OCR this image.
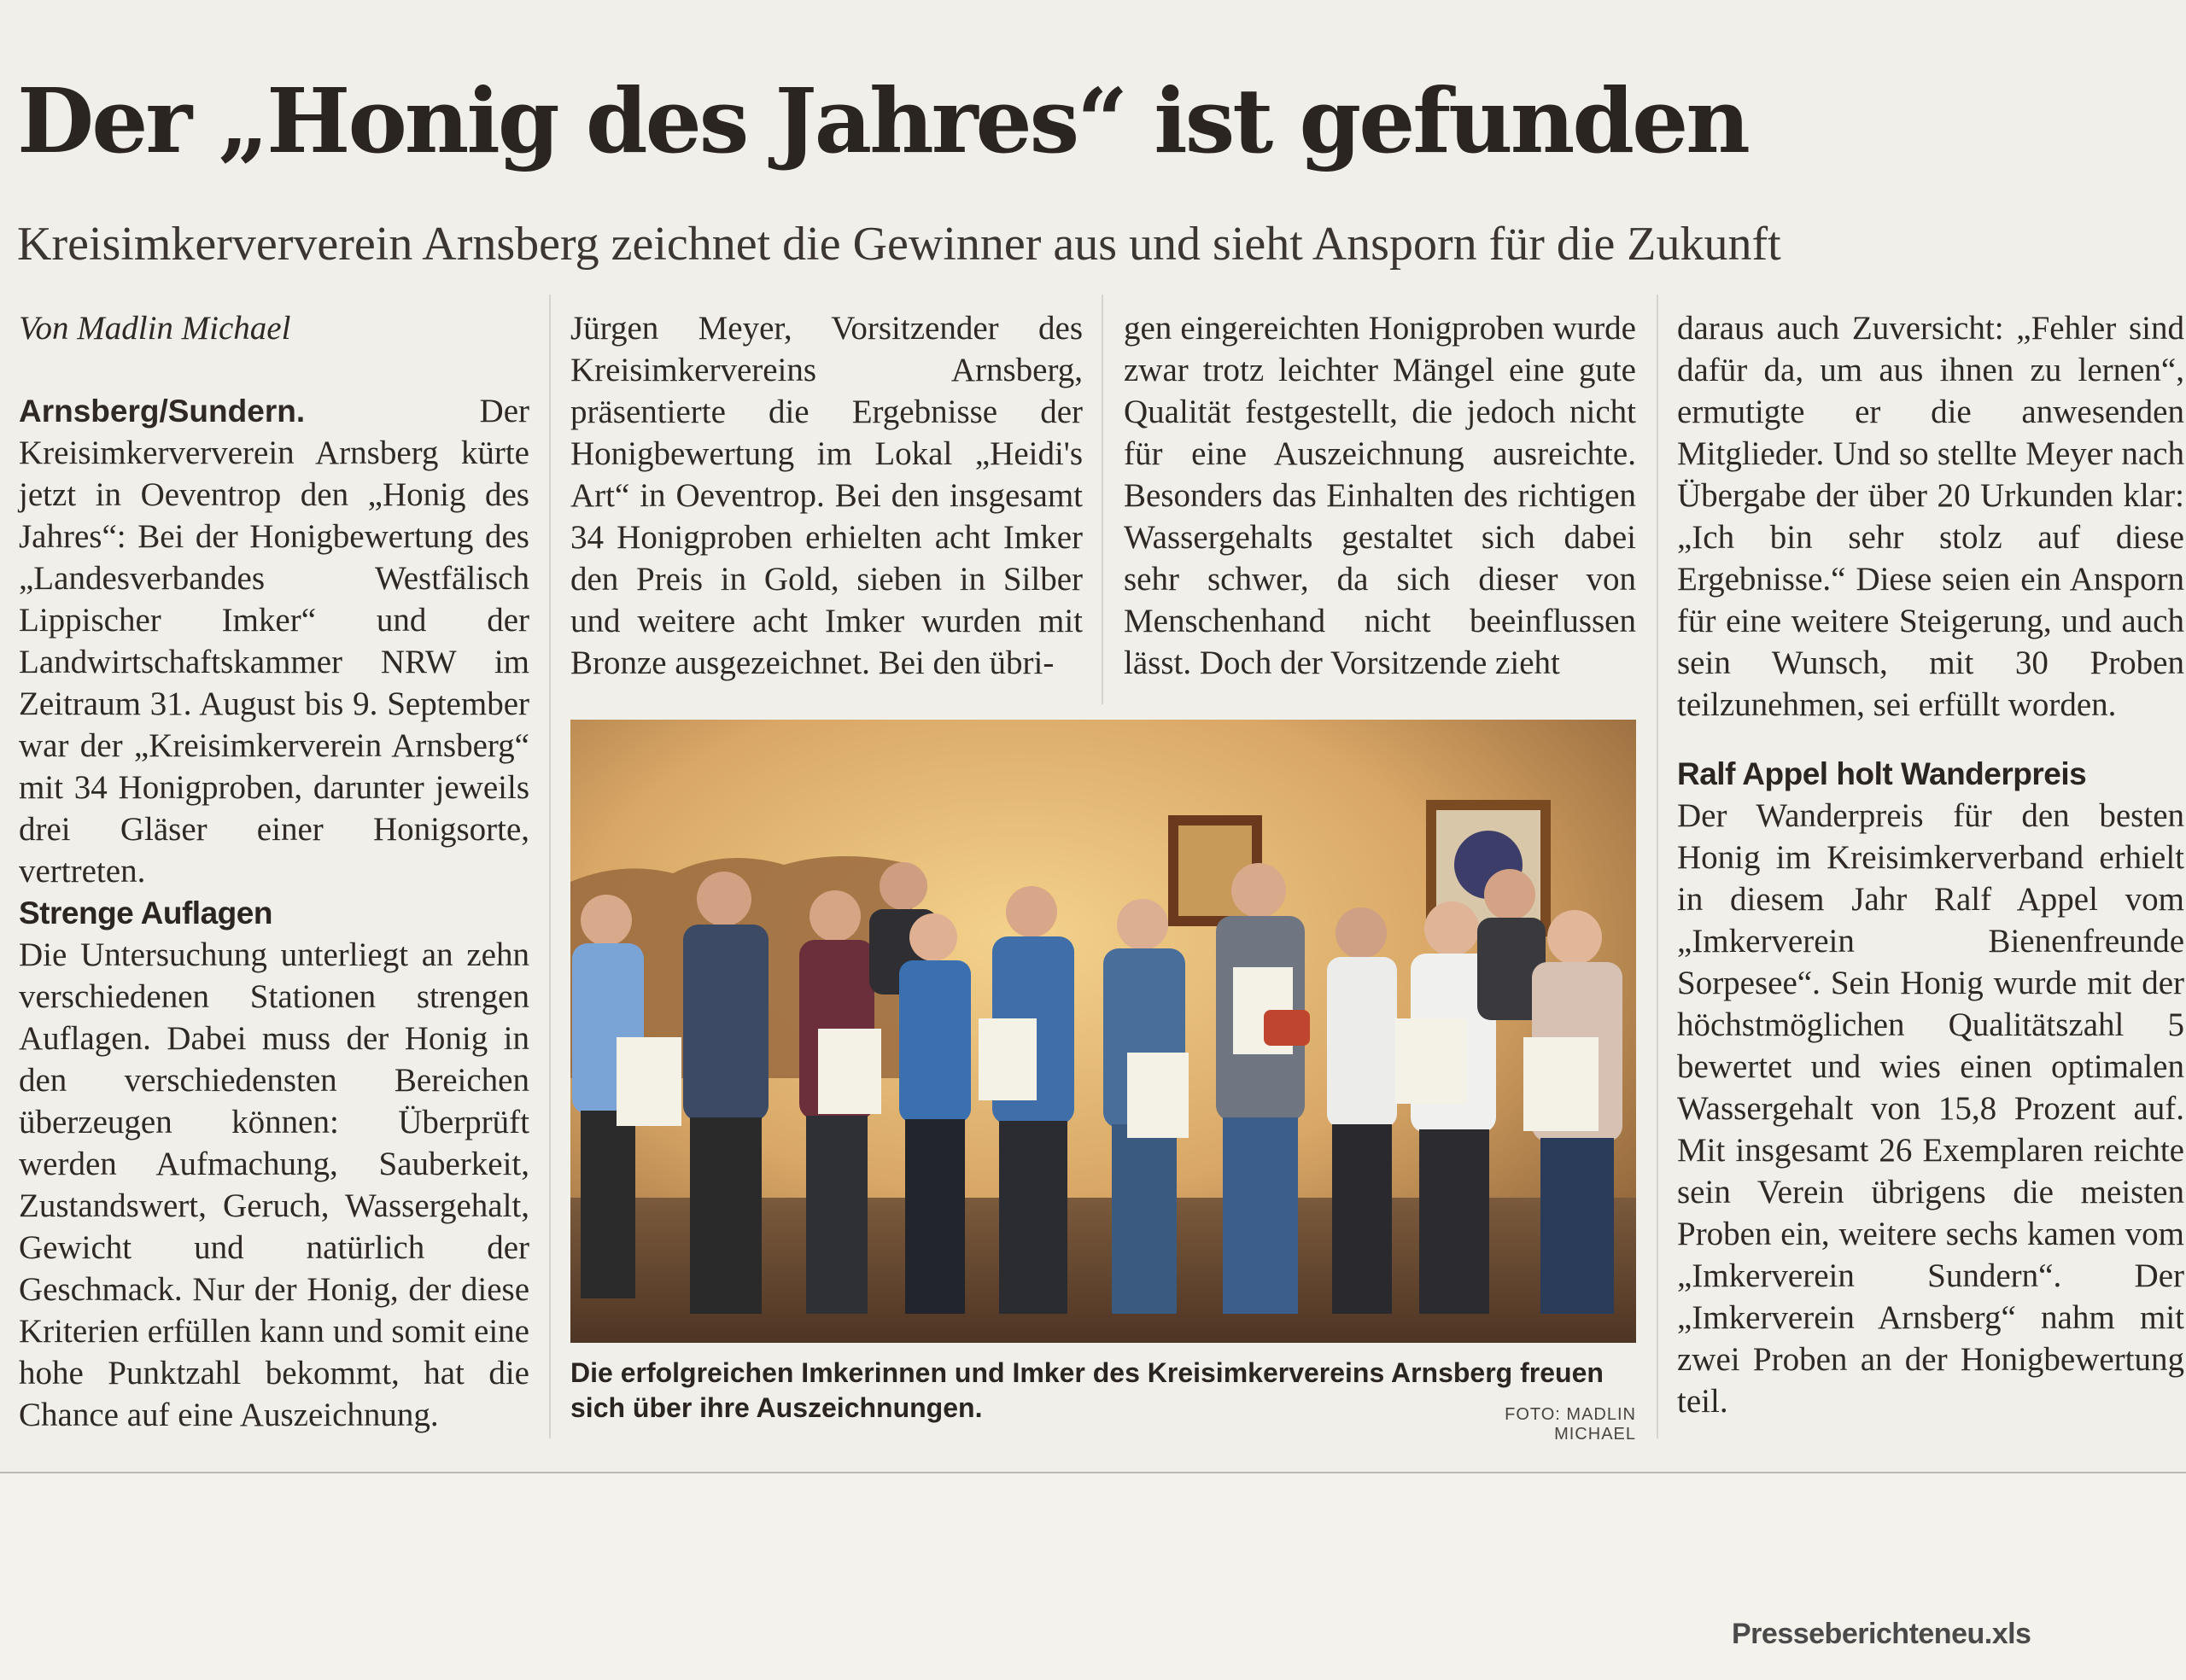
Der „Honig des Jahres“ ist gefunden
Kreisimkerververein Arnsberg zeichnet die Gewinner aus und sieht Ansporn für die Zukunft

Von Madlin Michael

Arnsberg/Sundern.	Der Kreisimkerververein Arnsberg kürte jetzt in Oeventrop den „Honig des Jahres“: Bei der Honigbewertung des „Landesverbandes Westfälisch Lippischer Imker“ und der Landwirtschaftskammer NRW im Zeitraum 31. August bis 9. September war der „Kreisimkerverein Arnsberg“ mit 34 Honigproben, darunter jeweils drei Gläser einer Honigsorte, vertreten.

Strenge Auflagen

Die Untersuchung unterliegt an zehn verschiedenen Stationen strengen Auflagen. Dabei muss der Honig in den verschiedensten Bereichen überzeugen können: Überprüft werden Aufmachung, Sauberkeit, Zustandswert, Geruch, Wassergehalt, Gewicht und natürlich der Geschmack. Nur der Honig, der diese Kriterien erfüllen kann und somit eine hohe Punktzahl bekommt, hat die Chance auf eine Auszeichnung.

Jürgen Meyer, Vorsitzender des Kreisimkervereins Arnsberg, präsentierte die Ergebnisse der Honigbewertung im Lokal „Heidi's Art“ in Oeventrop. Bei den insgesamt 34 Honigproben erhielten acht Imker den Preis in Gold, sieben in Silber und weitere acht Imker wurden mit Bronze ausgezeichnet. Bei den übri-

gen eingereichten Honigproben wurde zwar trotz leichter Mängel eine gute Qualität festgestellt, die jedoch nicht für eine Auszeichnung ausreichte. Besonders das Einhalten des richtigen Wassergehalts gestaltet sich dabei sehr schwer, da sich dieser von Menschenhand nicht beeinflussen lässt. Doch der Vorsitzende zieht

daraus auch Zuversicht: „Fehler sind dafür da, um aus ihnen zu lernen“, ermutigte er die anwesenden Mitglieder. Und so stellte Meyer nach Übergabe der über 20 Urkunden klar: „Ich bin sehr stolz auf diese Ergebnisse.“ Diese seien ein Ansporn für eine weitere Steigerung, und auch sein Wunsch, mit 30 Proben teilzunehmen, sei erfüllt worden.

Ralf Appel holt Wanderpreis

Der Wanderpreis für den besten Honig im Kreisimkerverband erhielt in diesem Jahr Ralf Appel vom „Imkerverein Bienenfreunde Sorpesee“. Sein Honig wurde mit der höchstmöglichen Qualitätszahl 5 bewertet und wies einen optimalen Wassergehalt von 15,8 Prozent auf. Mit insgesamt 26 Exemplaren reichte sein Verein übrigens die meisten Proben ein, weitere sechs kamen vom „Imkerverein Sundern“. Der „Imkerverein Arnsberg“ nahm mit zwei Proben an der Honigbewertung teil.

Die erfolgreichen Imkerinnen und Imker des Kreisimkervereins Arnsberg freuen sich über ihre Auszeichnungen.	FOTO: MADLIN MICHAEL

Presseberichteneu.xls
